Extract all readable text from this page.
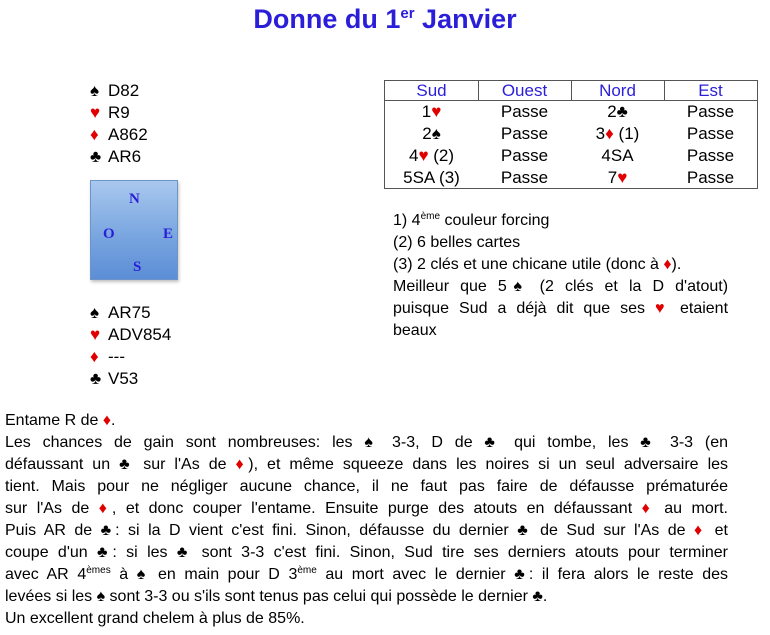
Donne du 1er Janvier
♠ D82
♥ R9
♦ A862
♣ AR6
N
O	E
S
♠ AR75
♥ ADV854
♦ ---
♣ V53
Sud	Ouest	Nord	Est
1♥	Passe	2♣	Passe
2♠	Passe	3♦ (1)	Passe
4♥ (2)	Passe	4SA	Passe
5SA (3)	Passe	7♥	Passe
1) 4ème couleur forcing
(2) 6 belles cartes
(3) 2 clés et une chicane utile (donc à ♦).
Meilleur que 5♠ (2 clés et la D d'atout)
puisque Sud a déjà dit que ses ♥ etaient
beaux
Entame R de ♦.
Les chances de gain sont nombreuses: les ♠ 3-3, D de ♣ qui tombe, les ♣ 3-3 (en
défaussant un ♣ sur l'As de ♦), et même squeeze dans les noires si un seul adversaire les
tient. Mais pour ne négliger aucune chance, il ne faut pas faire de défausse prématurée
sur l'As de ♦, et donc couper l'entame. Ensuite purge des atouts en défaussant ♦ au mort.
Puis AR de ♣: si la D vient c'est fini. Sinon, défausse du dernier ♣ de Sud sur l'As de ♦ et
coupe d'un ♣: si les ♣ sont 3-3 c'est fini. Sinon, Sud tire ses derniers atouts pour terminer
avec AR 4èmes à ♠ en main pour D 3ème au mort avec le dernier ♣: il fera alors le reste des
levées si les ♠ sont 3-3 ou s'ils sont tenus pas celui qui possède le dernier ♣.
Un excellent grand chelem à plus de 85%.
